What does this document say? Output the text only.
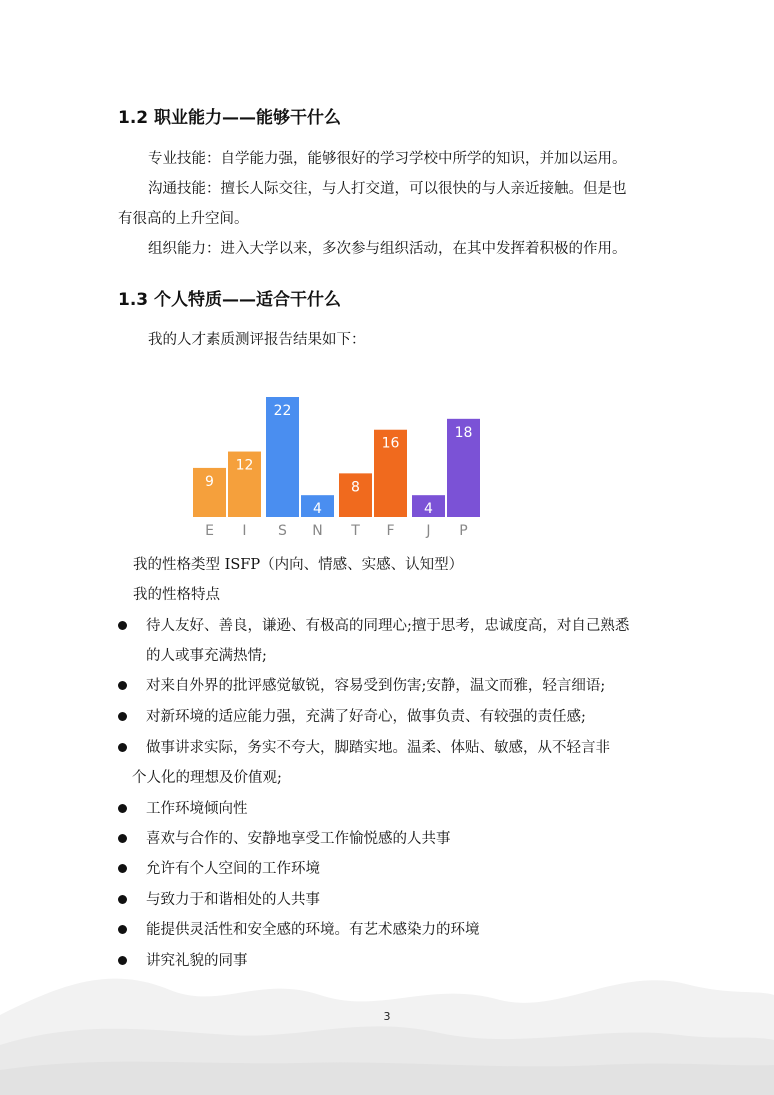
1.2 职业能力——能够干什么
专业技能：自学能力强，能够很好的学习学校中所学的知识，并加以运用。
沟通技能：擅长人际交往，与人打交道，可以很快的与人亲近接触。但是也
有很高的上升空间。
组织能力：进入大学以来，多次参与组织活动，在其中发挥着积极的作用。
1.3 个人特质——适合干什么
我的人才素质测评报告结果如下：
9
E
12
I
22
S
4
N
8
T
16
F
4
J
18
P
我的性格类型 ISFP（内向、情感、实感、认知型）
我的性格特点
待人友好、善良，谦逊、有极高的同理心;擅于思考，忠诚度高，对自己熟悉
的人或事充满热情;
对来自外界的批评感觉敏锐，容易受到伤害;安静，温文而雅，轻言细语;
对新环境的适应能力强，充满了好奇心，做事负责、有较强的责任感;
做事讲求实际，务实不夸大，脚踏实地。温柔、体贴、敏感，从不轻言非
个人化的理想及价值观;
工作环境倾向性
喜欢与合作的、安静地享受工作愉悦感的人共事
允许有个人空间的工作环境
与致力于和谐相处的人共事
能提供灵活性和安全感的环境。有艺术感染力的环境
讲究礼貌的同事
3
